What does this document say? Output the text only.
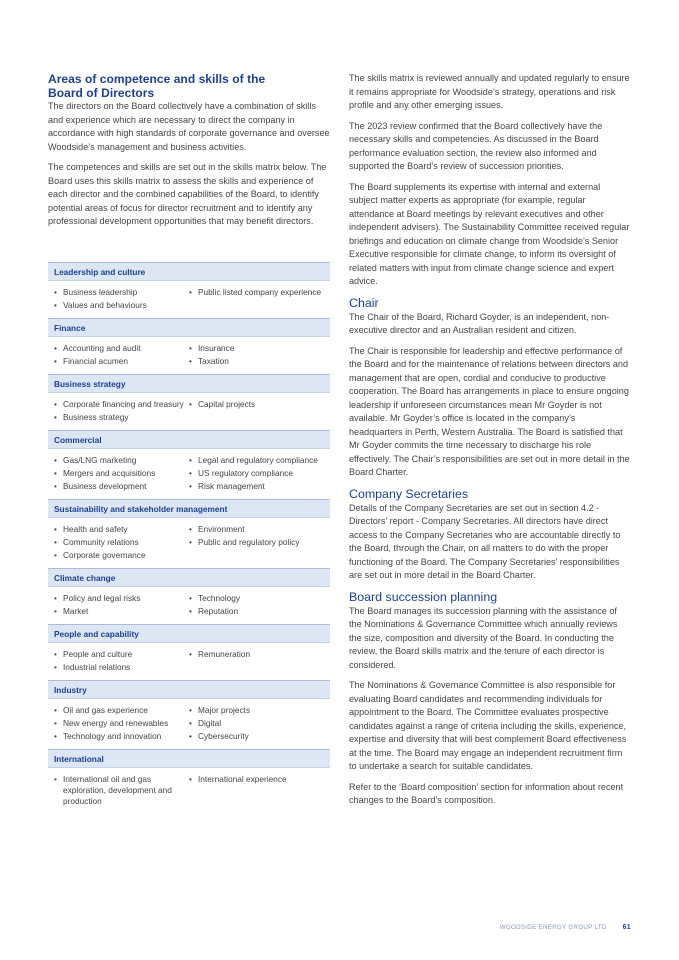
Areas of competence and skills of the
Board of Directors

The directors on the Board collectively have a combination of skills and experience which are necessary to direct the company in accordance with high standards of corporate governance and oversee Woodside’s management and business activities.

The competences and skills are set out in the skills matrix below. The Board uses this skills matrix to assess the skills and experience of each director and the combined capabilities of the Board, to identify potential areas of focus for director recruitment and to identify any professional development opportunities that may benefit directors.

Leadership and culture
• Business leadership
• Values and behaviours
• Public listed company experience
Finance
• Accounting and audit
• Financial acumen
• Insurance
• Taxation
Business strategy
• Corporate financing and treasury
• Business strategy
• Capital projects
Commercial
• Gas/LNG marketing
• Mergers and acquisitions
• Business development
• Legal and regulatory compliance
• US regulatory compliance
• Risk management
Sustainability and stakeholder management
• Health and safety
• Community relations
• Corporate governance
• Environment
• Public and regulatory policy
Climate change
• Policy and legal risks
• Market
• Technology
• Reputation
People and capability
• People and culture
• Industrial relations
• Remuneration
Industry
• Oil and gas experience
• New energy and renewables
• Technology and innovation
• Major projects
• Digital
• Cybersecurity
International
• International oil and gas exploration, development and production
• International experience

The skills matrix is reviewed annually and updated regularly to ensure it remains appropriate for Woodside’s strategy, operations and risk profile and any other emerging issues.

The 2023 review confirmed that the Board collectively have the necessary skills and competencies. As discussed in the Board performance evaluation section, the review also informed and supported the Board’s review of succession priorities.

The Board supplements its expertise with internal and external subject matter experts as appropriate (for example, regular attendance at Board meetings by relevant executives and other independent advisers). The Sustainability Committee received regular briefings and education on climate change from Woodside’s Senior Executive responsible for climate change, to inform its oversight of related matters with input from climate change science and expert advice.

Chair

The Chair of the Board, Richard Goyder, is an independent, non-executive director and an Australian resident and citizen.

The Chair is responsible for leadership and effective performance of the Board and for the maintenance of relations between directors and management that are open, cordial and conducive to productive cooperation. The Board has arrangements in place to ensure ongoing leadership if unforeseen circumstances mean Mr Goyder is not available. Mr Goyder’s office is located in the company’s headquarters in Perth, Western Australia. The Board is satisfied that Mr Goyder commits the time necessary to discharge his role effectively. The Chair’s responsibilities are set out in more detail in the Board Charter.

Company Secretaries

Details of the Company Secretaries are set out in section 4.2 - Directors’ report - Company Secretaries. All directors have direct access to the Company Secretaries who are accountable directly to the Board, through the Chair, on all matters to do with the proper functioning of the Board. The Company Secretaries’ responsibilities are set out in more detail in the Board Charter.

Board succession planning

The Board manages its succession planning with the assistance of the Nominations & Governance Committee which annually reviews the size, composition and diversity of the Board. In conducting the review, the Board skills matrix and the tenure of each director is considered.

The Nominations & Governance Committee is also responsible for evaluating Board candidates and recommending individuals for appointment to the Board. The Committee evaluates prospective candidates against a range of criteria including the skills, experience, expertise and diversity that will best complement Board effectiveness at the time. The Board may engage an independent recruitment firm to undertake a search for suitable candidates.

Refer to the ‘Board composition’ section for information about recent changes to the Board’s composition.

WOODSIDE ENERGY GROUP LTD 61
